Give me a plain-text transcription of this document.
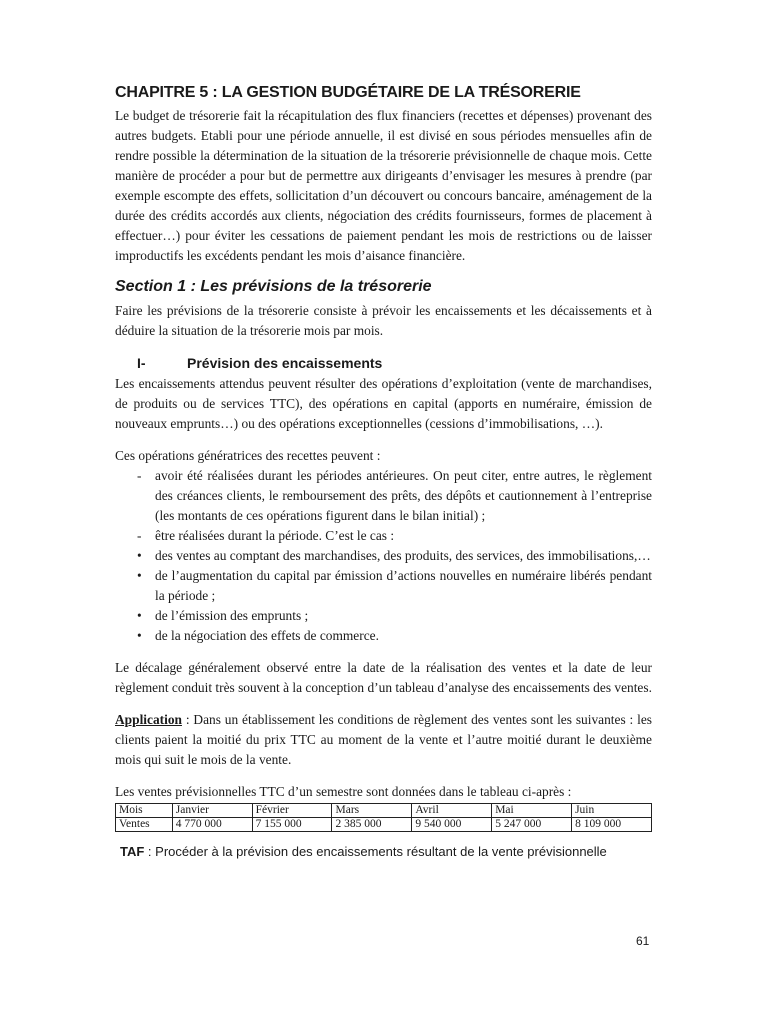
CHAPITRE 5 : LA GESTION BUDGÉTAIRE DE LA TRÉSORERIE

Le budget de trésorerie fait la récapitulation des flux financiers (recettes et dépenses) provenant des autres budgets. Etabli pour une période annuelle, il est divisé en sous périodes mensuelles afin de rendre possible la détermination de la situation de la trésorerie prévisionnelle de chaque mois. Cette manière de procéder a pour but de permettre aux dirigeants d’envisager les mesures à prendre (par exemple escompte des effets, sollicitation d’un découvert ou concours bancaire, aménagement de la durée des crédits accordés aux clients, négociation des crédits fournisseurs, formes de placement à effectuer…) pour éviter les cessations de paiement pendant les mois de restrictions ou de laisser improductifs les excédents pendant les mois d’aisance financière.

Section 1 : Les prévisions de la trésorerie

Faire les prévisions de la trésorerie consiste à prévoir les encaissements et les décaissements et à déduire la situation de la trésorerie mois par mois.

I-	Prévision des encaissements

Les encaissements attendus peuvent résulter des opérations d’exploitation (vente de marchandises, de produits ou de services TTC), des opérations en capital (apports en numéraire, émission de nouveaux emprunts…) ou des opérations exceptionnelles (cessions d’immobilisations, …).

Ces opérations génératrices des recettes peuvent :

- avoir été réalisées durant les périodes antérieures. On peut citer, entre autres, le règlement des créances clients, le remboursement des prêts, des dépôts et cautionnement à l’entreprise (les montants de ces opérations figurent dans le bilan initial) ;
- être réalisées durant la période. C’est le cas :
• des ventes au comptant des marchandises, des produits, des services, des immobilisations,…
• de l’augmentation du capital par émission d’actions nouvelles en numéraire libérés pendant la période ;
• de l’émission des emprunts ;
• de la négociation des effets de commerce.

Le décalage généralement observé entre la date de la réalisation des ventes et la date de leur règlement conduit très souvent à la conception d’un tableau d’analyse des encaissements des ventes.

Application : Dans un établissement les conditions de règlement des ventes sont les suivantes : les clients paient la moitié du prix TTC au moment de la vente et l’autre moitié durant le deuxième mois qui suit le mois de la vente.

Les ventes prévisionnelles TTC d’un semestre sont données dans le tableau ci-après :

Mois	Janvier	Février	Mars	Avril	Mai	Juin
Ventes	4 770 000	7 155 000	2 385 000	9 540 000	5 247 000	8 109 000
TAF : Procéder à la prévision des encaissements résultant de la vente prévisionnelle
61
